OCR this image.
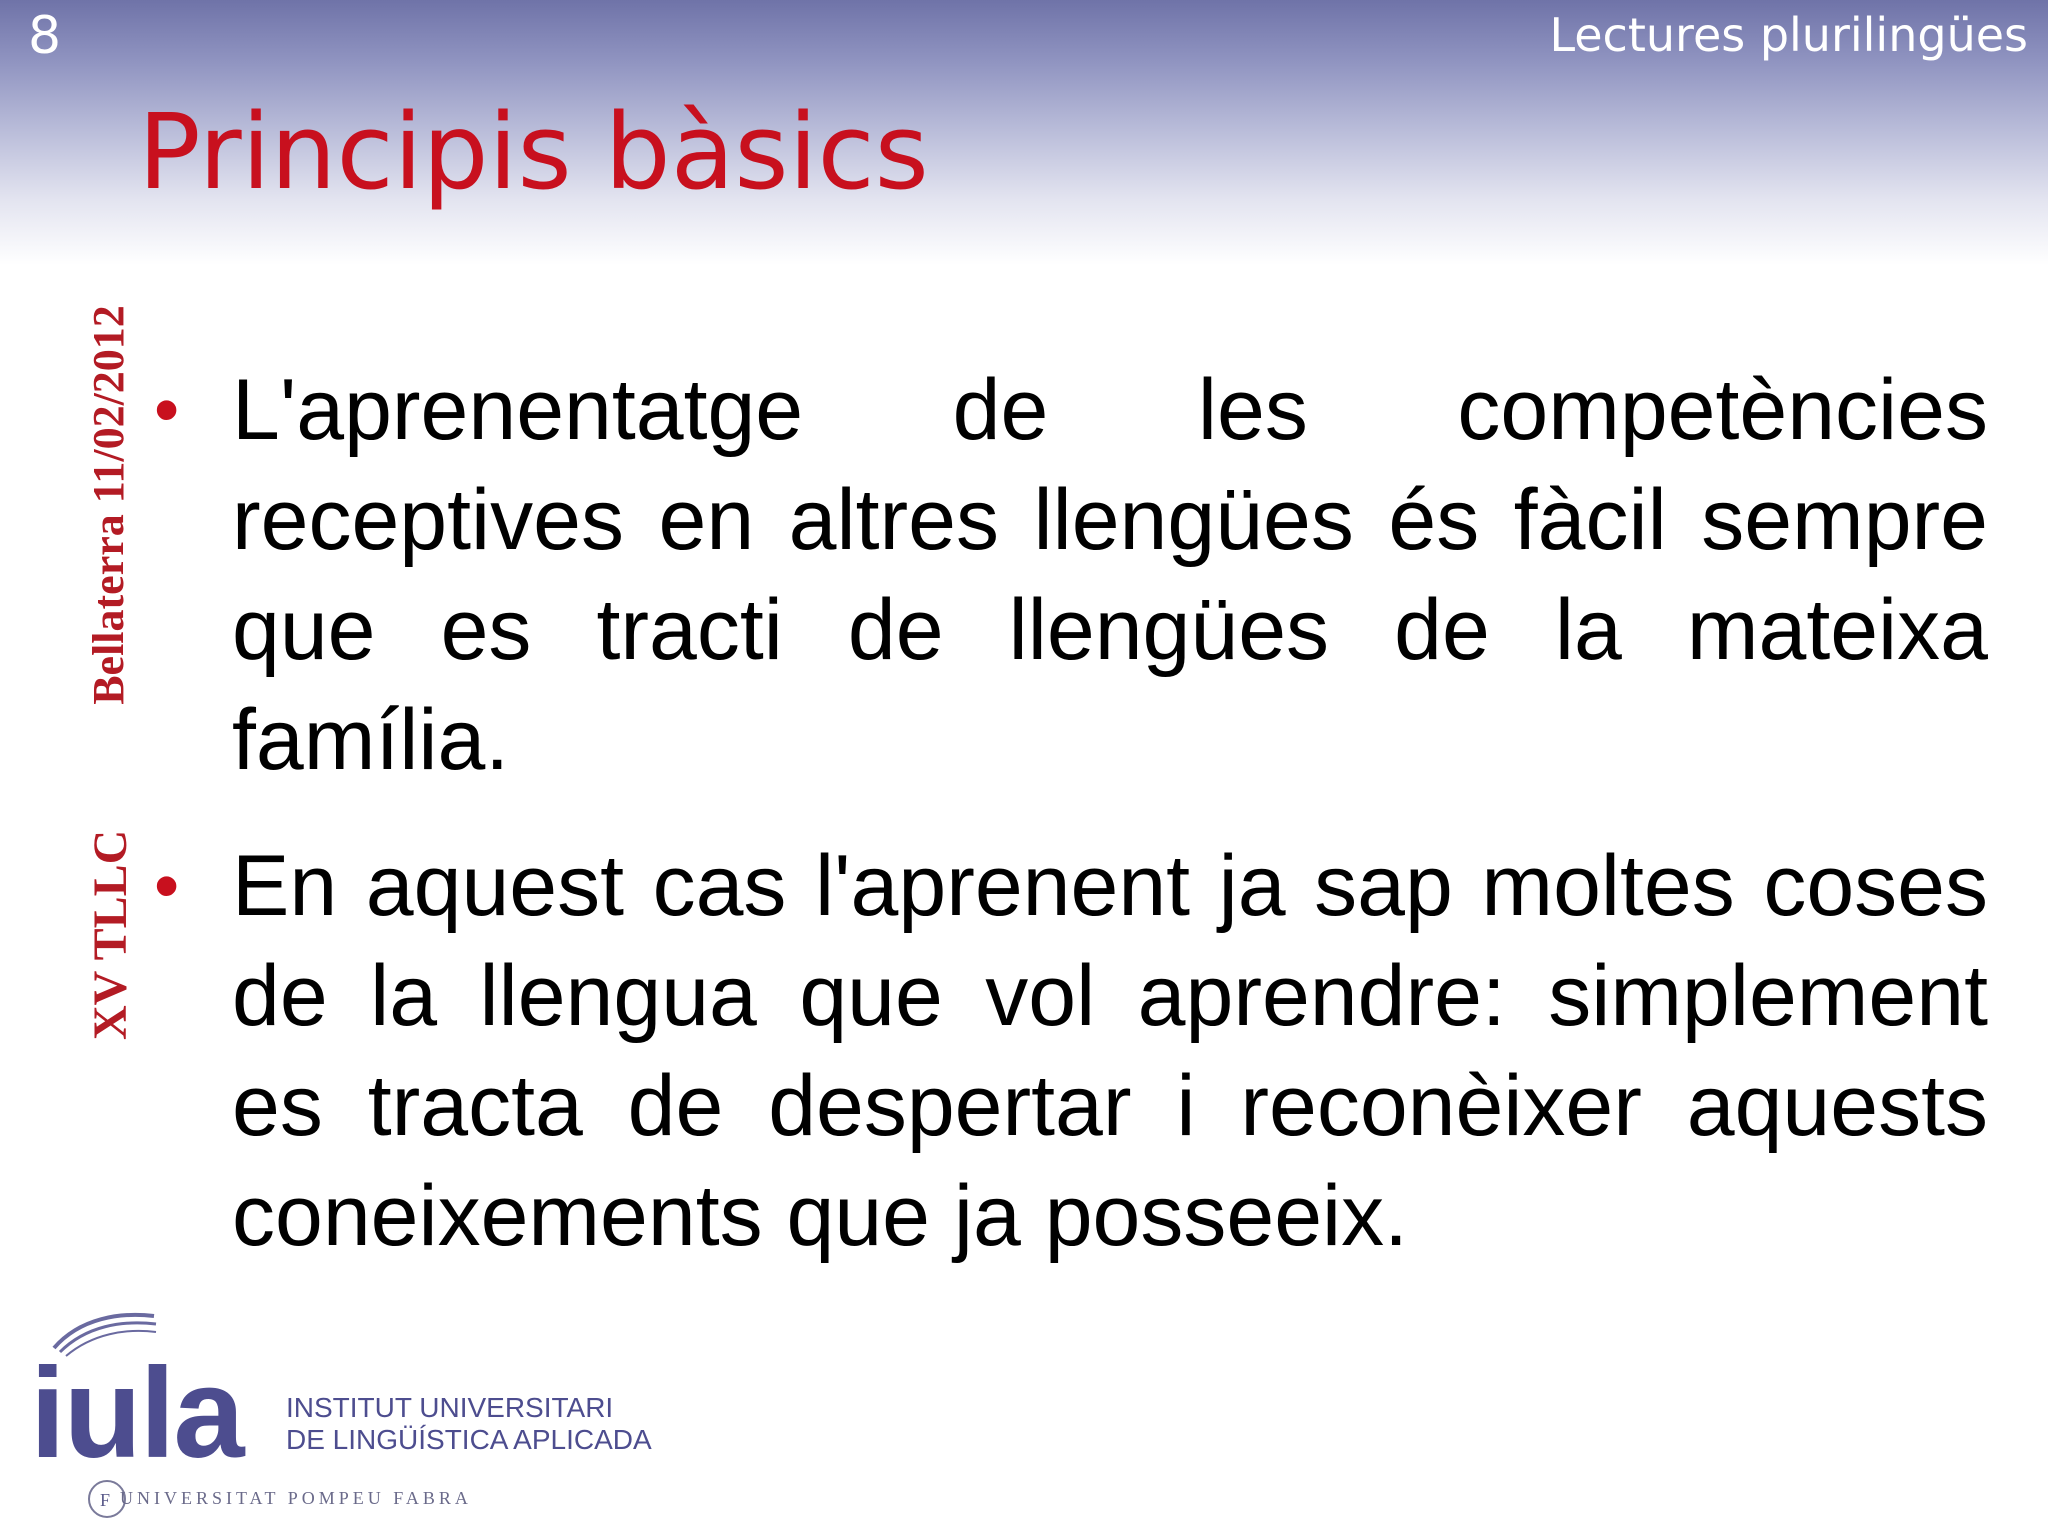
8	Lectures plurilingües
Principis bàsics
Bellaterra 11/02/2012
XV TLLC
• L'aprenentatge de les competències receptives en altres llengües és fàcil sempre que es tracti de llengües de la mateixa família.
• En aquest cas l'aprenent ja sap moltes coses de la llengua que vol aprendre: simplement es tracta de despertar i reconèixer aquests coneixements que ja posseeix.
iula INSTITUT UNIVERSITARI
DE LINGÜÍSTICA APLICADA
F UNIVERSITAT POMPEU FABRA
